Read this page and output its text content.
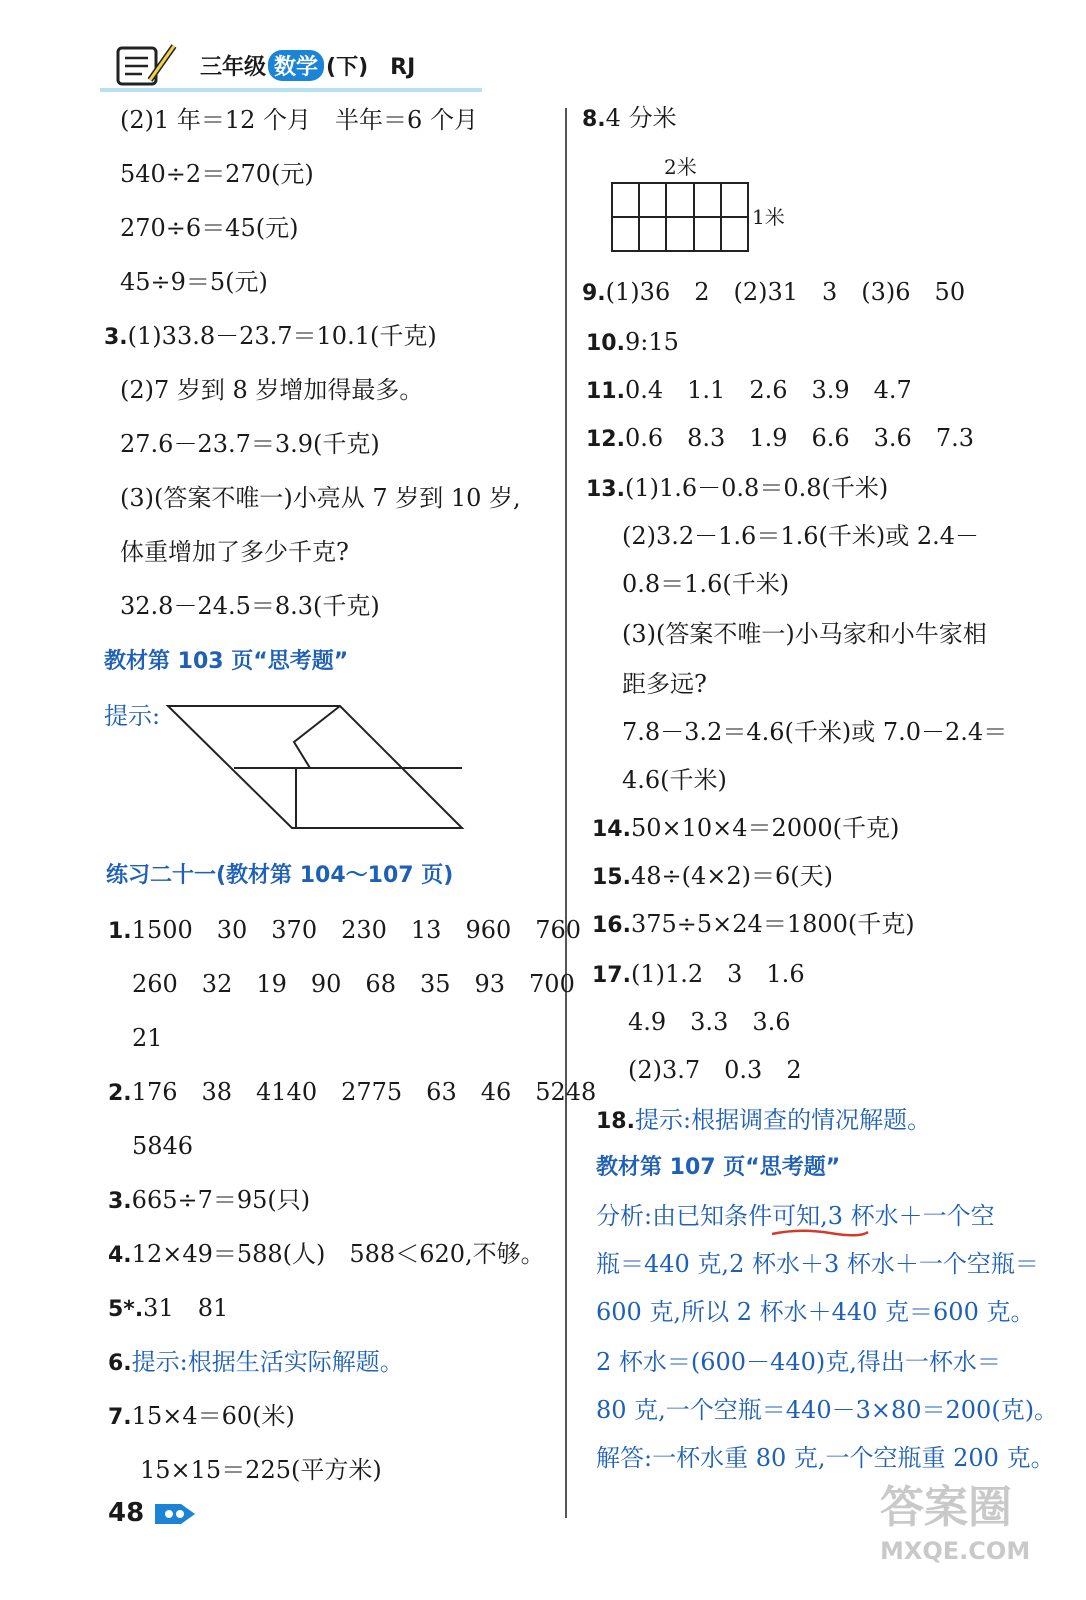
三年级 数学 (下)　 RJ
(2)1 年＝12 个月　半年＝6 个月
540÷2＝270(元)
270÷6＝45(元)
45÷9＝5(元)
3.(1)33.8－23.7＝10.1(千克)
(2)7 岁到 8 岁增加得最多。
27.6－23.7＝3.9(千克)
(3)(答案不唯一)小亮从 7 岁到 10 岁,
体重增加了多少千克?
32.8－24.5＝8.3(千克)
教材第 103 页“思考题”
提示:
练习二十一(教材第 104～107 页)
1.1500　30　370　230　13　960　760
260　32　19　90　68　35　93　700
21
2.176　38　4140　2775　63　46　5248
5846
3.665÷7＝95(只)
4.12×49＝588(人)　588＜620,不够。
5*.31　81
6.提示:根据生活实际解题。
7.15×4＝60(米)
15×15＝225(平方米)
48
8.4 分米
2米
1米
9.(1)36　2　(2)31　3　(3)6　50
10.9:15
11.0.4　1.1　2.6　3.9　4.7
12.0.6　8.3　1.9　6.6　3.6　7.3
13.(1)1.6－0.8＝0.8(千米)
(2)3.2－1.6＝1.6(千米)或 2.4－
0.8＝1.6(千米)
(3)(答案不唯一)小马家和小牛家相
距多远?
7.8－3.2＝4.6(千米)或 7.0－2.4＝
4.6(千米)
14.50×10×4＝2000(千克)
15.48÷(4×2)＝6(天)
16.375÷5×24＝1800(千克)
17.(1)1.2　3　1.6
4.9　3.3　3.6
(2)3.7　0.3　2
18.提示:根据调查的情况解题。
教材第 107 页“思考题”
分析:由已知条件可知,3 杯水＋一个空
瓶＝440 克,2 杯水＋3 杯水＋一个空瓶＝
600 克,所以 2 杯水＋440 克＝600 克。
2 杯水＝(600－440)克,得出一杯水＝
80 克,一个空瓶＝440－3×80＝200(克)。
解答:一杯水重 80 克,一个空瓶重 200 克。
答案圈
MXQE.COM
